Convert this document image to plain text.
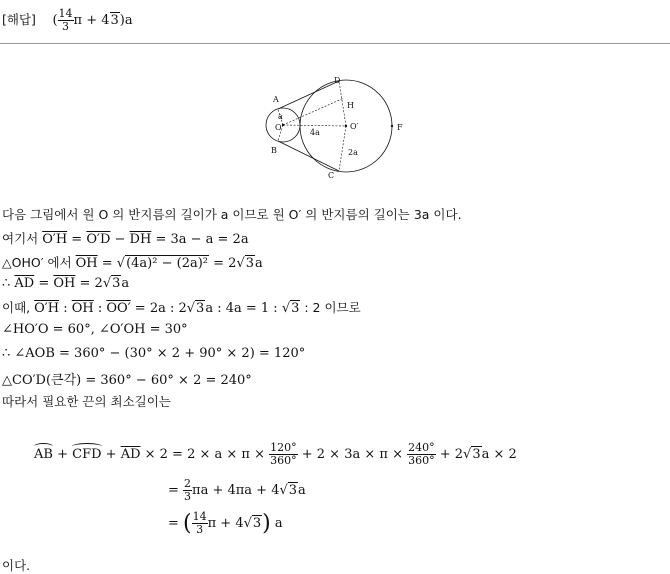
[해답] ( $\frac{14}{3}$ π + 43)a
D
A
H
O	O′	F
B
C
a
2a
4a
다음 그림에서 원 O 의 반지름의 길이가 a 이므로 원 O′ 의 반지름의 길이는 3a 이다.
여기서 $O'H = O'D - \overline{DH} = 3a - a = 2a$
△OHO′ 에서 $\overline{OH} = √(4a)^2 - (2a)^2 = 2√3a$
∴ $\overline{AD} = \overline{OH} = 2√3a$
이때, O′H : $\overline{OH}$ : OO′ = 2a : 2√3a : 4a = 1 : √3 : 2 이므로
∠HO′O = 60°, ∠O′OH = 30°
∴ ∠AOB = 360° − (30° × 2 + 90° × 2) = 120°
△CO′D(큰각) = 360° − 60° × 2 = 240°
따라서 필요한 끈의 최소길이는
AB + CFD + $\overline{AD} \times 2 = 2 \times a \times \pi \times \frac{120^\circ}{360^\circ} + 2 \times 3a \times \pi \times \frac{240^\circ}{360^\circ} + 2√3a \times 2$
= $\frac{2}{3}$ πa + 4πa + 4√3a
= ( $\frac{14}{3}$ π + 4√3) a
이다.
